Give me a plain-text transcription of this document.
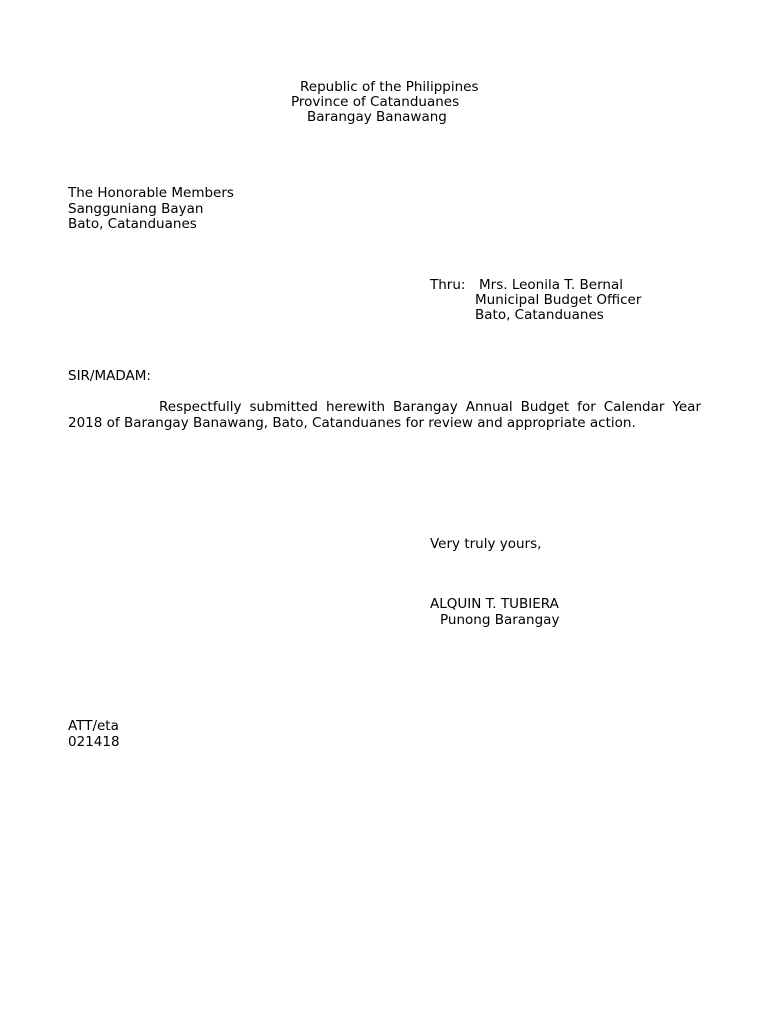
Republic of the Philippines
Province of Catanduanes
Barangay Banawang
The Honorable Members
Sangguniang Bayan
Bato, Catanduanes
Thru: Mrs. Leonila T. Bernal
Municipal Budget Officer
Bato, Catanduanes
SIR/MADAM:
Respectfully submitted herewith Barangay Annual Budget for Calendar Year 2018 of Barangay Banawang, Bato, Catanduanes for review and appropriate action.
Very truly yours,
ALQUIN T. TUBIERA
Punong Barangay
ATT/eta
021418
